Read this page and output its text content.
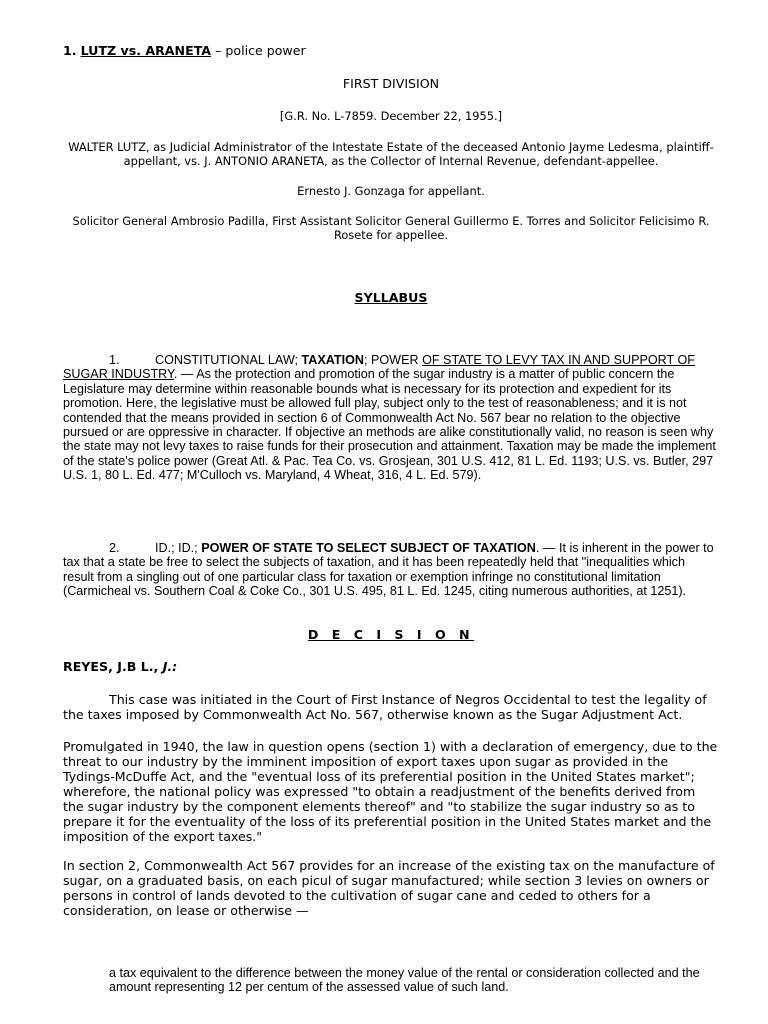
1. LUTZ vs. ARANETA – police power
FIRST DIVISION
[G.R. No. L-7859. December 22, 1955.]
WALTER LUTZ, as Judicial Administrator of the Intestate Estate of the deceased Antonio Jayme Ledesma, plaintiff-appellant, vs. J. ANTONIO ARANETA, as the Collector of Internal Revenue, defendant-appellee.
Ernesto J. Gonzaga for appellant.
Solicitor General Ambrosio Padilla, First Assistant Solicitor General Guillermo E. Torres and Solicitor Felicisimo R. Rosete for appellee.
SYLLABUS
1.	CONSTITUTIONAL LAW; TAXATION; POWER OF STATE TO LEVY TAX IN AND SUPPORT OF SUGAR INDUSTRY. — As the protection and promotion of the sugar industry is a matter of public concern the Legislature may determine within reasonable bounds what is necessary for its protection and expedient for its promotion. Here, the legislative must be allowed full play, subject only to the test of reasonableness; and it is not contended that the means provided in section 6 of Commonwealth Act No. 567 bear no relation to the objective pursued or are oppressive in character. If objective an methods are alike constitutionally valid, no reason is seen why the state may not levy taxes to raise funds for their prosecution and attainment. Taxation may be made the implement of the state's police power (Great Atl. & Pac. Tea Co. vs. Grosjean, 301 U.S. 412, 81 L. Ed. 1193; U.S. vs. Butler, 297 U.S. 1, 80 L. Ed. 477; M'Culloch vs. Maryland, 4 Wheat, 316, 4 L. Ed. 579).
2.	ID.; ID.; POWER OF STATE TO SELECT SUBJECT OF TAXATION. — It is inherent in the power to tax that a state be free to select the subjects of taxation, and it has been repeatedly held that "inequalities which result from a singling out of one particular class for taxation or exemption infringe no constitutional limitation (Carmicheal vs. Southern Coal & Coke Co., 301 U.S. 495, 81 L. Ed. 1245, citing numerous authorities, at 1251).
D E C I S I O N
REYES, J.B L., J.:
This case was initiated in the Court of First Instance of Negros Occidental to test the legality of the taxes imposed by Commonwealth Act No. 567, otherwise known as the Sugar Adjustment Act.
Promulgated in 1940, the law in question opens (section 1) with a declaration of emergency, due to the threat to our industry by the imminent imposition of export taxes upon sugar as provided in the Tydings-McDuffe Act, and the "eventual loss of its preferential position in the United States market"; wherefore, the national policy was expressed "to obtain a readjustment of the benefits derived from the sugar industry by the component elements thereof" and "to stabilize the sugar industry so as to prepare it for the eventuality of the loss of its preferential position in the United States market and the imposition of the export taxes."
In section 2, Commonwealth Act 567 provides for an increase of the existing tax on the manufacture of sugar, on a graduated basis, on each picul of sugar manufactured; while section 3 levies on owners or persons in control of lands devoted to the cultivation of sugar cane and ceded to others for a consideration, on lease or otherwise —
a tax equivalent to the difference between the money value of the rental or consideration collected and the amount representing 12 per centum of the assessed value of such land.
